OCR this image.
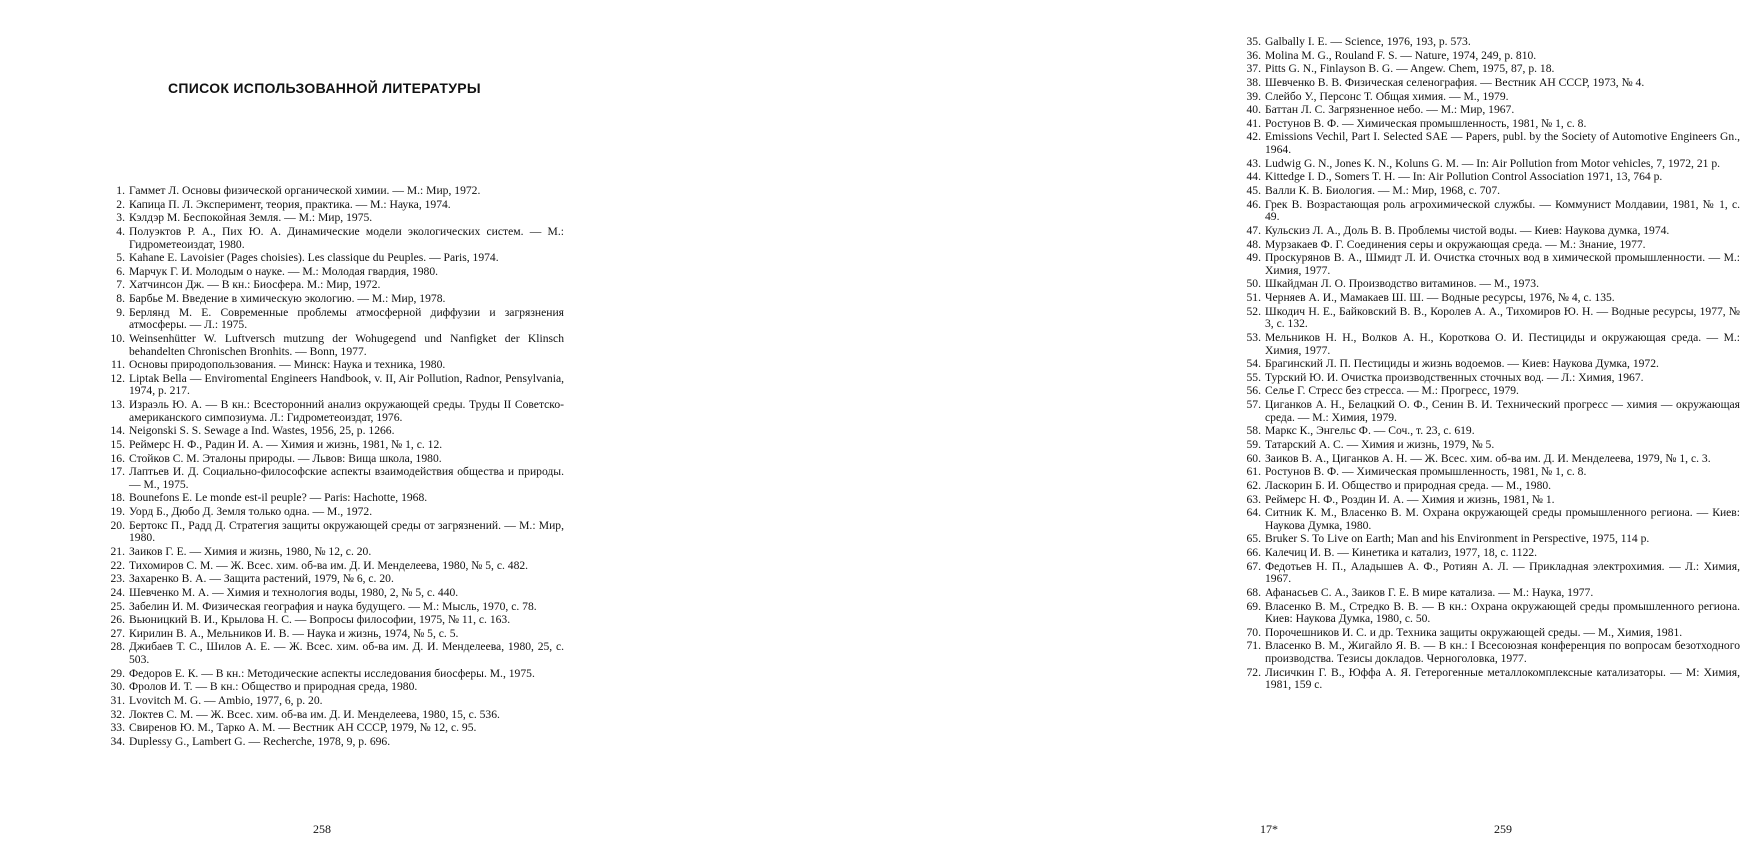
СПИСОК ИСПОЛЬЗОВАННОЙ ЛИТЕРАТУРЫ
1. Гаммет Л. Основы физической органической химии. — М.: Мир, 1972.
2. Капица П. Л. Эксперимент, теория, практика. — М.: Наука, 1974.
3. Кэлдэр М. Беспокойная Земля. — М.: Мир, 1975.
4. Полуэктов Р. А., Пих Ю. А. Динамические модели экологических систем. — М.: Гидрометеоиздат, 1980.
5. Kahane E. Lavoisier (Pages choisies). Les classique du Peuples. — Paris, 1974.
6. Марчук Г. И. Молодым о науке. — М.: Молодая гвардия, 1980.
7. Хатчинсон Дж. — В кн.: Биосфера. М.: Мир, 1972.
8. Барбье М. Введение в химическую экологию. — М.: Мир, 1978.
9. Берлянд М. Е. Современные проблемы атмосферной диффузии и загрязнения атмосферы. — Л.: 1975.
10. Weinsenhütter W. Luftversch mutzung der Wohugegend und Nanfigket der Klinsch behandelten Chronischen Bronhits. — Bonn, 1977.
11. Основы природопользования. — Минск: Наука и техника, 1980.
12. Liptak Bella — Enviromental Engineers Handbook, v. II, Air Pollution, Radnor, Pensylvania, 1974, p. 217.
13. Израэль Ю. А. — В кн.: Всесторонний анализ окружающей среды. Труды II Советско-американского симпозиума. Л.: Гидрометеоиздат, 1976.
14. Neigonski S. S. Sewage a Ind. Wastes, 1956, 25, p. 1266.
15. Реймерс Н. Ф., Радин И. А. — Химия и жизнь, 1981, № 1, с. 12.
16. Стойков С. М. Эталоны природы. — Львов: Вища школа, 1980.
17. Лаптьев И. Д. Социально-философские аспекты взаимодействия общества и природы. — М., 1975.
18. Bounefons E. Le monde est-il peuple? — Paris: Hachotte, 1968.
19. Уорд Б., Дюбо Д. Земля только одна. — М., 1972.
20. Бертокс П., Радд Д. Стратегия защиты окружающей среды от загрязнений. — М.: Мир, 1980.
21. Заиков Г. Е. — Химия и жизнь, 1980, № 12, с. 20.
22. Тихомиров С. М. — Ж. Всес. хим. об-ва им. Д. И. Менделеева, 1980, № 5, с. 482.
23. Захаренко В. А. — Защита растений, 1979, № 6, с. 20.
24. Шевченко М. А. — Химия и технология воды, 1980, 2, № 5, с. 440.
25. Забелин И. М. Физическая география и наука будущего. — М.: Мысль, 1970, с. 78.
26. Вьюницкий В. И., Крылова Н. С. — Вопросы философии, 1975, № 11, с. 163.
27. Кирилин В. А., Мельников И. В. — Наука и жизнь, 1974, № 5, с. 5.
28. Джибаев Т. С., Шилов А. Е. — Ж. Всес. хим. об-ва им. Д. И. Менделеева, 1980, 25, с. 503.
29. Федоров Е. К. — В кн.: Методические аспекты исследования биосферы. М., 1975.
30. Фролов И. Т. — В кн.: Общество и природная среда, 1980.
31. Lvovitch M. G. — Ambio, 1977, 6, p. 20.
32. Локтев С. М. — Ж. Всес. хим. об-ва им. Д. И. Менделеева, 1980, 15, с. 536.
33. Свиренов Ю. М., Тарко А. М. — Вестник АН СССР, 1979, № 12, с. 95.
34. Duplessy G., Lambert G. — Recherche, 1978, 9, p. 696.
258
35. Galbally I. E. — Science, 1976, 193, p. 573.
36. Molina M. G., Rouland F. S. — Nature, 1974, 249, p. 810.
37. Pitts G. N., Finlayson B. G. — Angew. Chem, 1975, 87, p. 18.
38. Шевченко В. В. Физическая селенография. — Вестник АН СССР, 1973, № 4.
39. Слейбо У., Персонс Т. Общая химия. — М., 1979.
40. Баттан Л. С. Загрязненное небо. — М.: Мир, 1967.
41. Ростунов В. Ф. — Химическая промышленность, 1981, № 1, с. 8.
42. Emissions Vechil, Part I. Selected SAE — Papers, publ. by the Society of Automotive Engineers Gn., 1964.
43. Ludwig G. N., Jones K. N., Koluns G. M. — In: Air Pollution from Motor vehicles, 7, 1972, 21 p.
44. Kittedge I. D., Somers T. H. — In: Air Pollution Control Association 1971, 13, 764 p.
45. Валли К. В. Биология. — М.: Мир, 1968, с. 707.
46. Грек В. Возрастающая роль агрохимической службы. — Коммунист Молдавии, 1981, № 1, с. 49.
47. Кульскиз Л. А., Доль В. В. Проблемы чистой воды. — Киев: Наукова думка, 1974.
48. Мурзакаев Ф. Г. Соединения серы и окружающая среда. — М.: Знание, 1977.
49. Проскурянов В. А., Шмидт Л. И. Очистка сточных вод в химической промышленности. — М.: Химия, 1977.
50. Шкайдман Л. О. Производство витаминов. — М., 1973.
51. Черняев А. И., Мамакаев Ш. Ш. — Водные ресурсы, 1976, № 4, с. 135.
52. Шкодич Н. Е., Байковский В. В., Королев А. А., Тихомиров Ю. Н. — Водные ресурсы, 1977, № 3, с. 132.
53. Мельников Н. Н., Волков А. Н., Короткова О. И. Пестициды и окружающая среда. — М.: Химия, 1977.
54. Брагинский Л. П. Пестициды и жизнь водоемов. — Киев: Наукова Думка, 1972.
55. Турский Ю. И. Очистка производственных сточных вод. — Л.: Химия, 1967.
56. Селье Г. Стресс без стресса. — М.: Прогресс, 1979.
57. Циганков А. Н., Белацкий О. Ф., Сенин В. И. Технический прогресс — химия — окружающая среда. — М.: Химия, 1979.
58. Маркс К., Энгельс Ф. — Соч., т. 23, с. 619.
59. Татарский А. С. — Химия и жизнь, 1979, № 5.
60. Заиков В. А., Циганков А. Н. — Ж. Всес. хим. об-ва им. Д. И. Менделеева, 1979, № 1, с. 3.
61. Ростунов В. Ф. — Химическая промышленность, 1981, № 1, с. 8.
62. Ласкорин Б. И. Общество и природная среда. — М., 1980.
63. Реймерс Н. Ф., Роздин И. А. — Химия и жизнь, 1981, № 1.
64. Ситник К. М., Власенко В. М. Охрана окружающей среды промышленного региона. — Киев: Наукова Думка, 1980.
65. Bruker S. To Live on Earth; Man and his Environment in Perspective, 1975, 114 p.
66. Калечиц И. В. — Кинетика и катализ, 1977, 18, с. 1122.
67. Федотьев Н. П., Аладышев А. Ф., Ротиян А. Л. — Прикладная электрохимия. — Л.: Химия, 1967.
68. Афанасьев С. А., Заиков Г. Е. В мире катализа. — М.: Наука, 1977.
69. Власенко В. М., Стредко В. В. — В кн.: Охрана окружающей среды промышленного региона. Киев: Наукова Думка, 1980, с. 50.
70. Порочешников И. С. и др. Техника защиты окружающей среды. — М., Химия, 1981.
71. Власенко В. М., Жигайло Я. В. — В кн.: I Всесоюзная конференция по вопросам безотходного производства. Тезисы докладов. Черноголовка, 1977.
72. Лисичкин Г. В., Юффа А. Я. Гетерогенные металлокомплексные катализаторы. — М: Химия, 1981, 159 с.
17*	259
